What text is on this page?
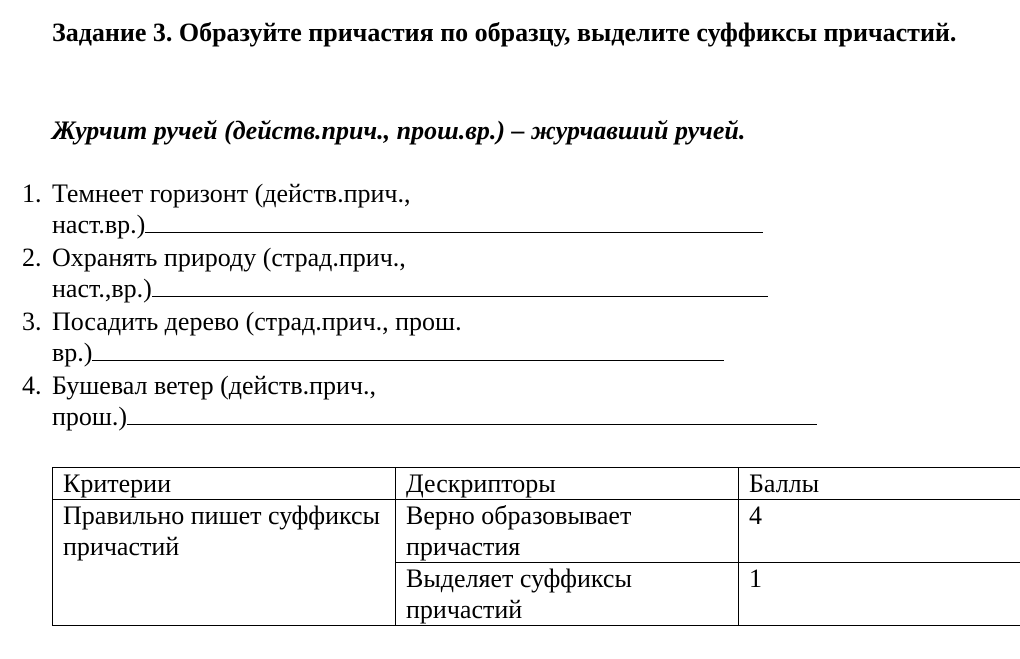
Задание 3. Образуйте причастия по образцу, выделите суффиксы причастий.

Журчит ручей (действ.прич., прош.вр.) – журчавший ручей.

1. Темнеет горизонт (действ.прич.,
наст.вр.)
2. Охранять природу (страд.прич.,
наст.,вр.)
3. Посадить дерево (страд.прич., прош.
вр.)
4. Бушевал ветер (действ.прич.,
прош.)
Критерии	Дескрипторы	Баллы
Правильно пишет суффиксы причастий	Верно образовывает причастия	4
	Выделяет суффиксы причастий	1
